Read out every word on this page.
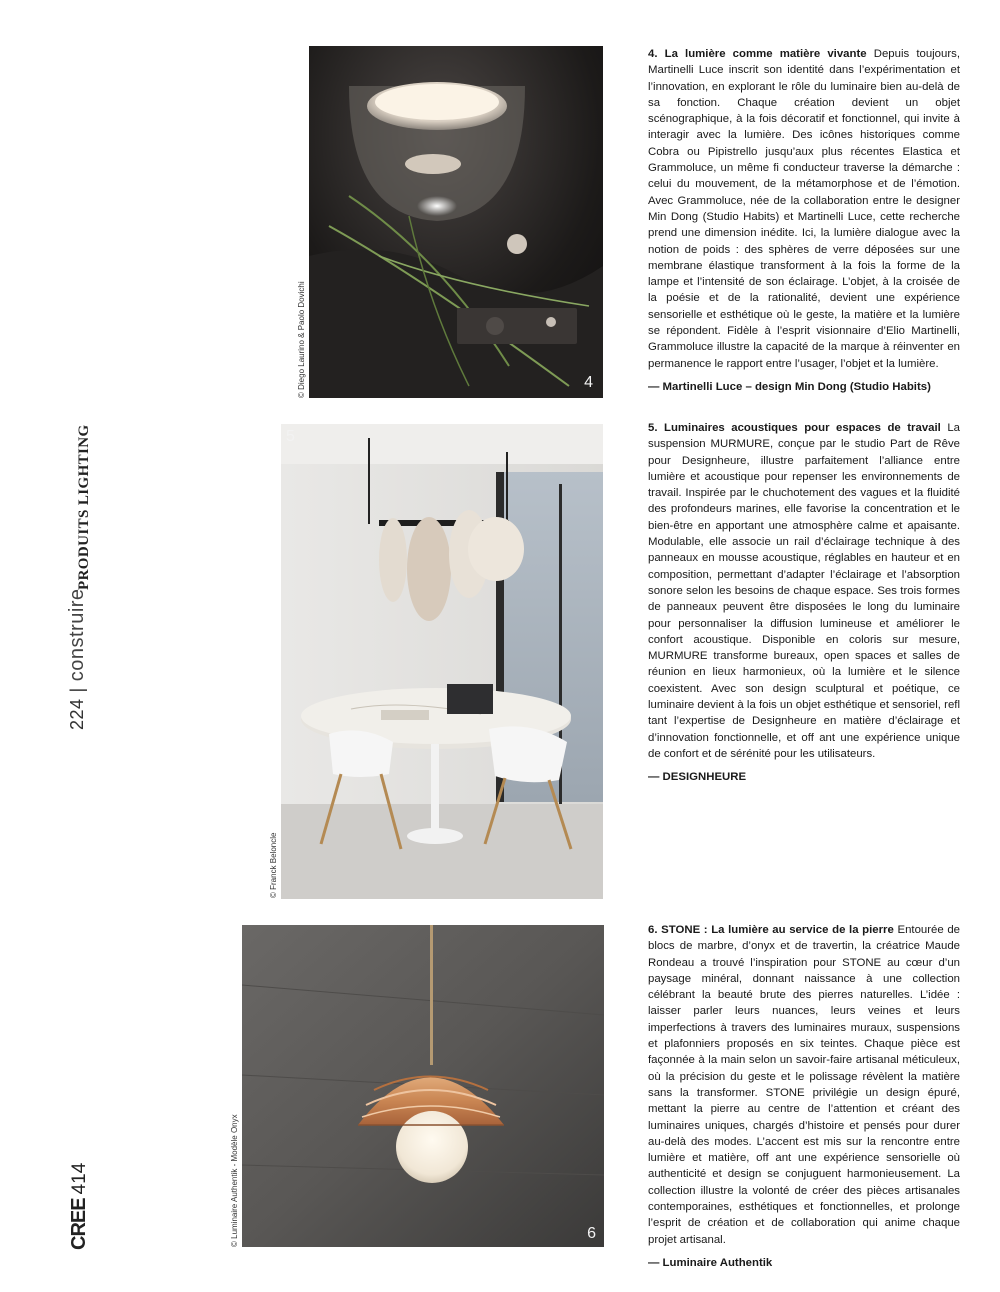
224|construire
PRODUITS LIGHTING
CREE414
4
© Diego Laurino & Paolo Dovichi
5
© Franck Beloncle
6
© Luminaire Authentik - Modèle Onyx

4. La lumière comme matière vivante Depuis toujours, Martinelli Luce inscrit son identité dans l’expérimentation et l’innovation, en explorant le rôle du luminaire bien au-delà de sa fonction. Chaque création devient un objet scénographique, à la fois décoratif et fonctionnel, qui invite à interagir avec la lumière. Des icônes historiques comme Cobra ou Pipistrello jusqu’aux plus récentes Elastica et Grammoluce, un même fi conducteur traverse la démarche : celui du mouvement, de la métamorphose et de l’émotion. Avec Grammoluce, née de la collaboration entre le designer Min Dong (Studio Habits) et Martinelli Luce, cette recherche prend une dimension inédite. Ici, la lumière dialogue avec la notion de poids : des sphères de verre déposées sur une membrane élastique transforment à la fois la forme de la lampe et l’intensité de son éclairage. L’objet, à la croisée de la poésie et de la rationalité, devient une expérience sensorielle et esthétique où le geste, la matière et la lumière se répondent. Fidèle à l’esprit visionnaire d’Elio Martinelli, Grammoluce illustre la capacité de la marque à réinventer en permanence le rapport entre l’usager, l’objet et la lumière.

— Martinelli Luce – design Min Dong (Studio Habits)

5. Luminaires acoustiques pour espaces de travail La suspension MURMURE, conçue par le studio Part de Rêve pour Designheure, illustre parfaitement l’alliance entre lumière et acoustique pour repenser les environnements de travail. Inspirée par le chuchotement des vagues et la fluidité des profondeurs marines, elle favorise la concentration et le bien-être en apportant une atmosphère calme et apaisante. Modulable, elle associe un rail d’éclairage technique à des panneaux en mousse acoustique, réglables en hauteur et en composition, permettant d’adapter l’éclairage et l’absorption sonore selon les besoins de chaque espace. Ses trois formes de panneaux peuvent être disposées le long du luminaire pour personnaliser la diffusion lumineuse et améliorer le confort acoustique. Disponible en coloris sur mesure, MURMURE transforme bureaux, open spaces et salles de réunion en lieux harmonieux, où la lumière et le silence coexistent. Avec son design sculptural et poétique, ce luminaire devient à la fois un objet esthétique et sensoriel, refl tant l’expertise de Designheure en matière d’éclairage et d’innovation fonctionnelle, et off ant une expérience unique de confort et de sérénité pour les utilisateurs.

— DESIGNHEURE

6. STONE : La lumière au service de la pierre Entourée de blocs de marbre, d’onyx et de travertin, la créatrice Maude Rondeau a trouvé l’inspiration pour STONE au cœur d’un paysage minéral, donnant naissance à une collection célébrant la beauté brute des pierres naturelles. L’idée : laisser parler leurs nuances, leurs veines et leurs imperfections à travers des luminaires muraux, suspensions et plafonniers proposés en six teintes. Chaque pièce est façonnée à la main selon un savoir-faire artisanal méticuleux, où la précision du geste et le polissage révèlent la matière sans la transformer. STONE privilégie un design épuré, mettant la pierre au centre de l’attention et créant des luminaires uniques, chargés d’histoire et pensés pour durer au-delà des modes. L’accent est mis sur la rencontre entre lumière et matière, off ant une expérience sensorielle où authenticité et design se conjuguent harmonieusement. La collection illustre la volonté de créer des pièces artisanales contemporaines, esthétiques et fonctionnelles, et prolonge l’esprit de création et de collaboration qui anime chaque projet artisanal.

— Luminaire Authentik
